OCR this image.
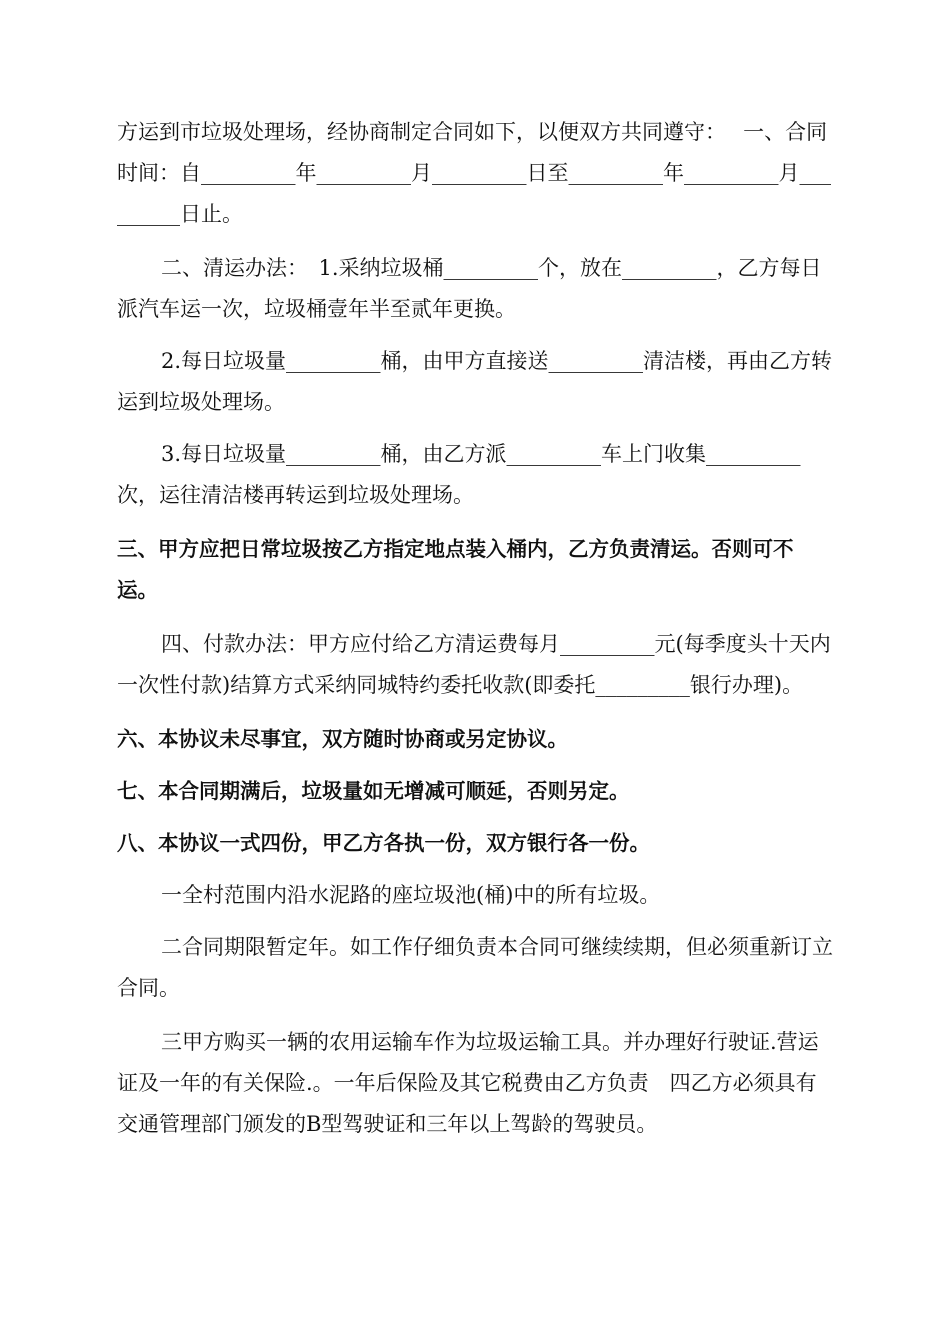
方运到市垃圾处理场，经协商制定合同如下，以便双方共同遵守：　 一、合同时间：自_________年_________月_________日至_________年_________月_________日止。

二、清运办法：　1.采纳垃圾桶_________个，放在_________，乙方每日派汽车运一次，垃圾桶壹年半至贰年更换。

2.每日垃圾量_________桶，由甲方直接送_________清洁楼，再由乙方转运到垃圾处理场。

3.每日垃圾量_________桶，由乙方派_________车上门收集_________次，运往清洁楼再转运到垃圾处理场。

三、甲方应把日常垃圾按乙方指定地点装入桶内，乙方负责清运。否则可不运。

四、付款办法：甲方应付给乙方清运费每月_________元(每季度头十天内一次性付款)结算方式采纳同城特约委托收款(即委托_________银行办理)。

六、本协议未尽事宜，双方随时协商或另定协议。

七、本合同期满后，垃圾量如无增减可顺延，否则另定。

八、本协议一式四份，甲乙方各执一份，双方银行各一份。

一全村范围内沿水泥路的座垃圾池(桶)中的所有垃圾。

二合同期限暂定年。如工作仔细负责本合同可继续续期，但必须重新订立合同。

三甲方购买一辆的农用运输车作为垃圾运输工具。并办理好行驶证.营运证及一年的有关保险.。一年后保险及其它税费由乙方负责　四乙方必须具有交通管理部门颁发的B型驾驶证和三年以上驾龄的驾驶员。
